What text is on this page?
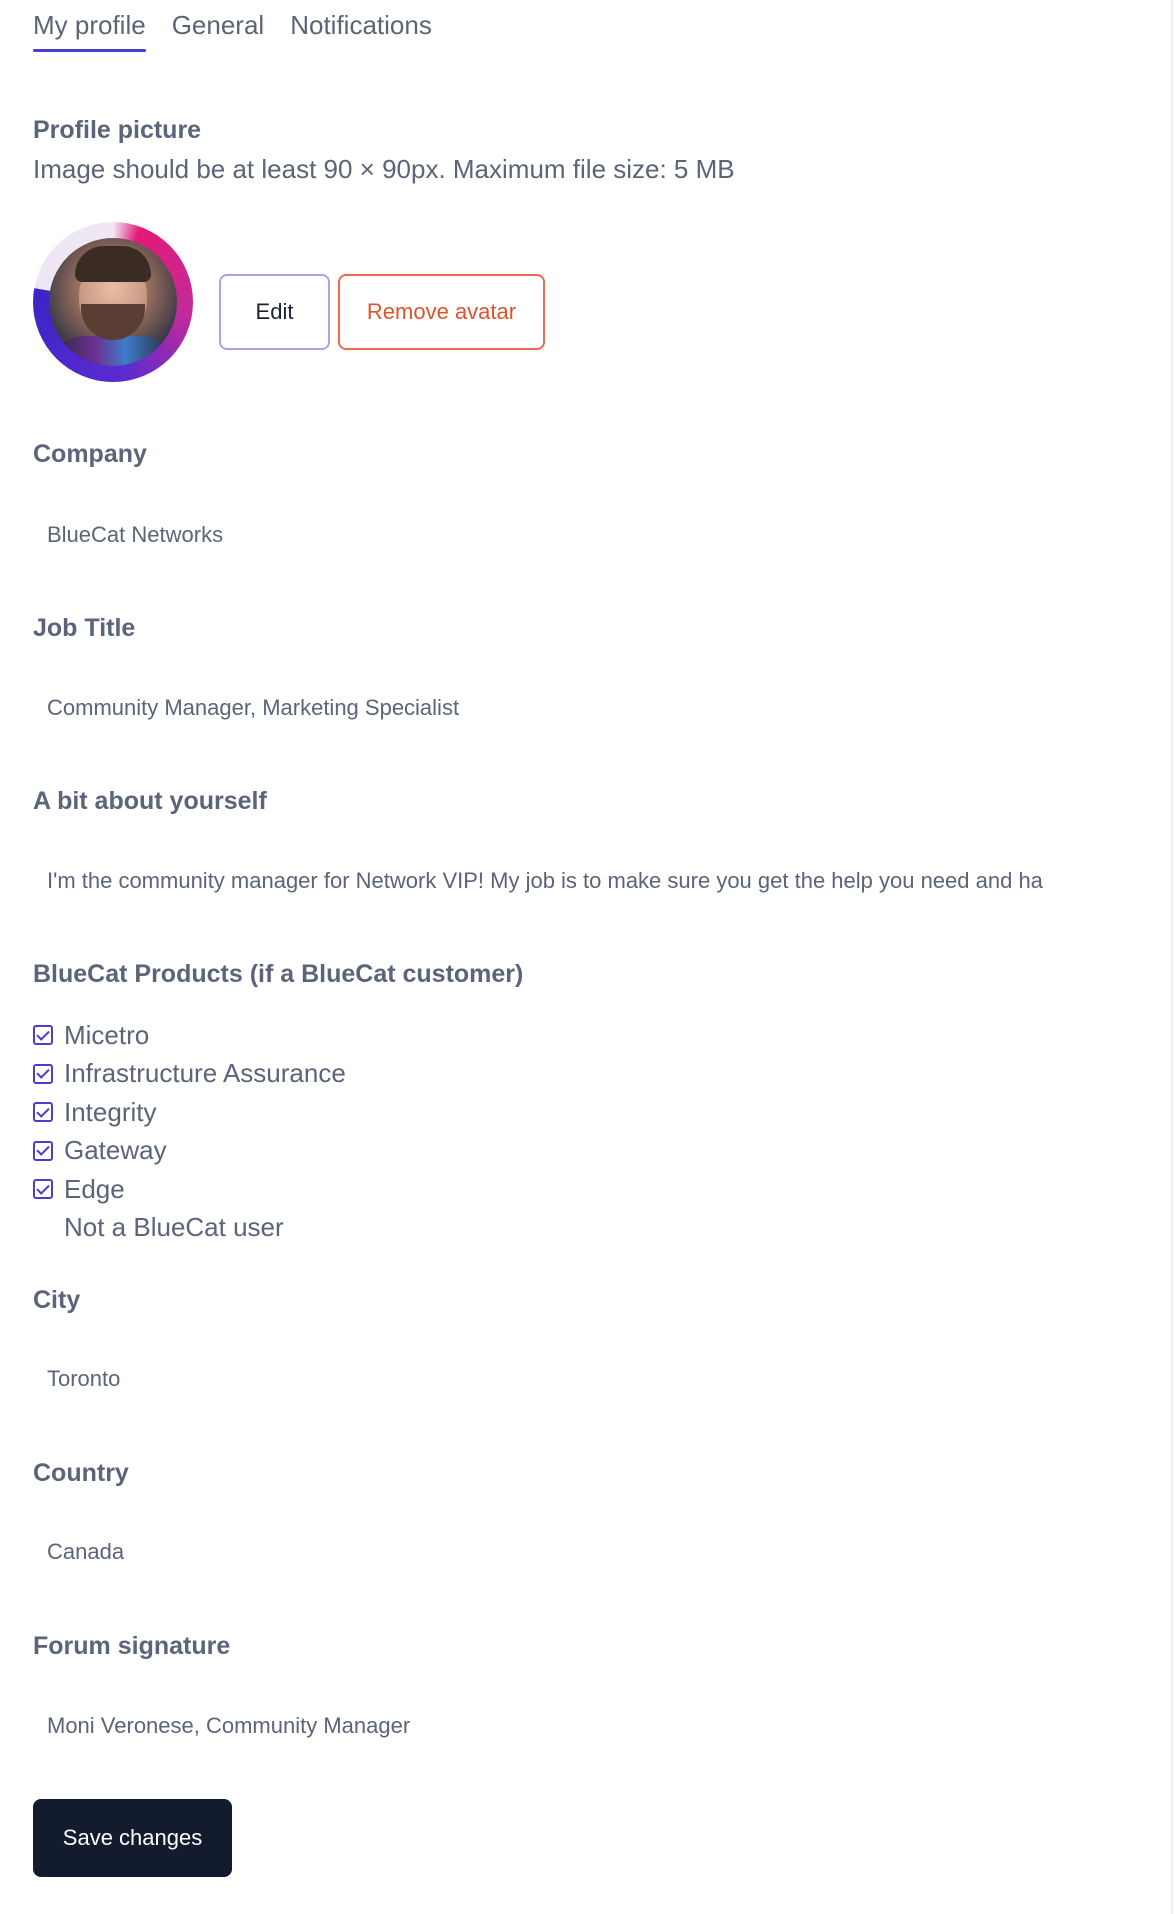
My profile General Notifications
Profile picture
Image should be at least 90 × 90px. Maximum file size: 5 MB
Edit	Remove avatar
Company
BlueCat Networks
Job Title
Community Manager, Marketing Specialist
A bit about yourself
I'm the community manager for Network VIP! My job is to make sure you get the help you need and ha
BlueCat Products (if a BlueCat customer)
Micetro
Infrastructure Assurance
Integrity
Gateway
Edge
Not a BlueCat user
City
Toronto
Country
Canada
Forum signature
Moni Veronese, Community Manager
Save changes
